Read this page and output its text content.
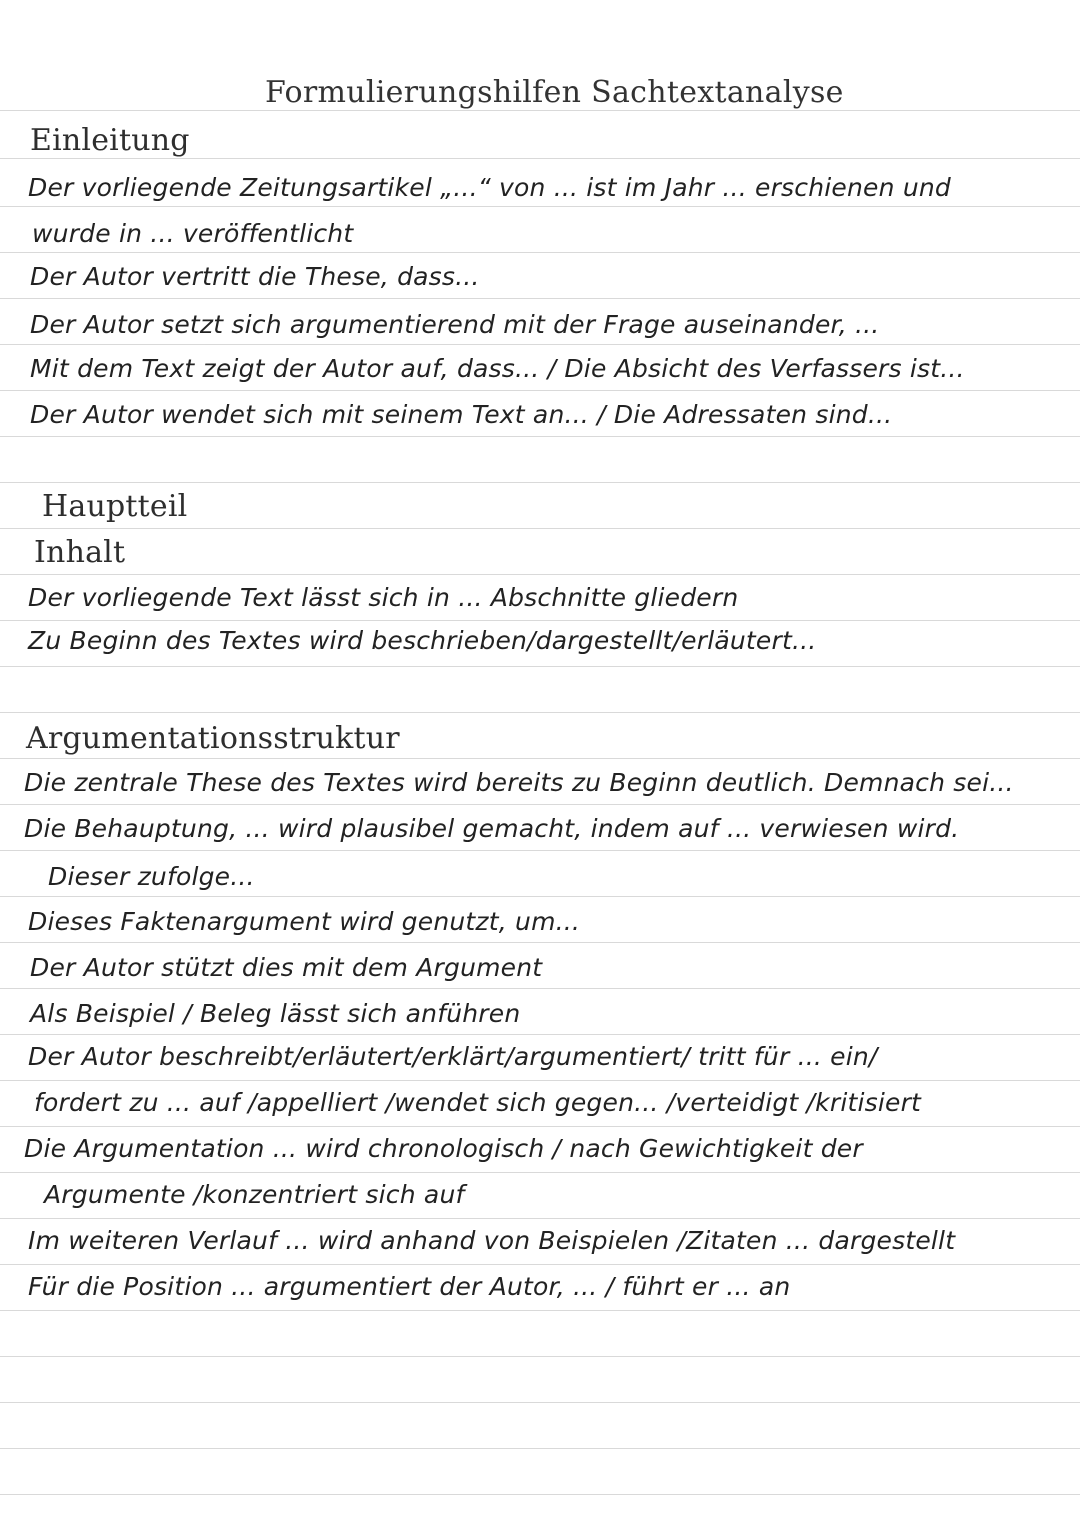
Formulierungshilfen Sachtextanalyse
Einleitung
Der vorliegende Zeitungsartikel „...“ von ... ist im Jahr ... erschienen und
wurde in ... veröffentlicht
Der Autor vertritt die These, dass...
Der Autor setzt sich argumentierend mit der Frage auseinander, ...
Mit dem Text zeigt der Autor auf, dass... / Die Absicht des Verfassers ist...
Der Autor wendet sich mit seinem Text an... / Die Adressaten sind...
Hauptteil
Inhalt
Der vorliegende Text lässt sich in ... Abschnitte gliedern
Zu Beginn des Textes wird beschrieben/dargestellt/erläutert...
Argumentationsstruktur
Die zentrale These des Textes wird bereits zu Beginn deutlich. Demnach sei...
Die Behauptung, ... wird plausibel gemacht, indem auf ... verwiesen wird.
Dieser zufolge...
Dieses Faktenargument wird genutzt, um...
Der Autor stützt dies mit dem Argument
Als Beispiel / Beleg lässt sich anführen
Der Autor beschreibt/erläutert/erklärt/argumentiert/ tritt für ... ein/
fordert zu ... auf /appelliert /wendet sich gegen... /verteidigt /kritisiert
Die Argumentation ... wird chronologisch / nach Gewichtigkeit der
Argumente /konzentriert sich auf
Im weiteren Verlauf ... wird anhand von Beispielen /Zitaten ... dargestellt
Für die Position ... argumentiert der Autor, ... / führt er ... an
